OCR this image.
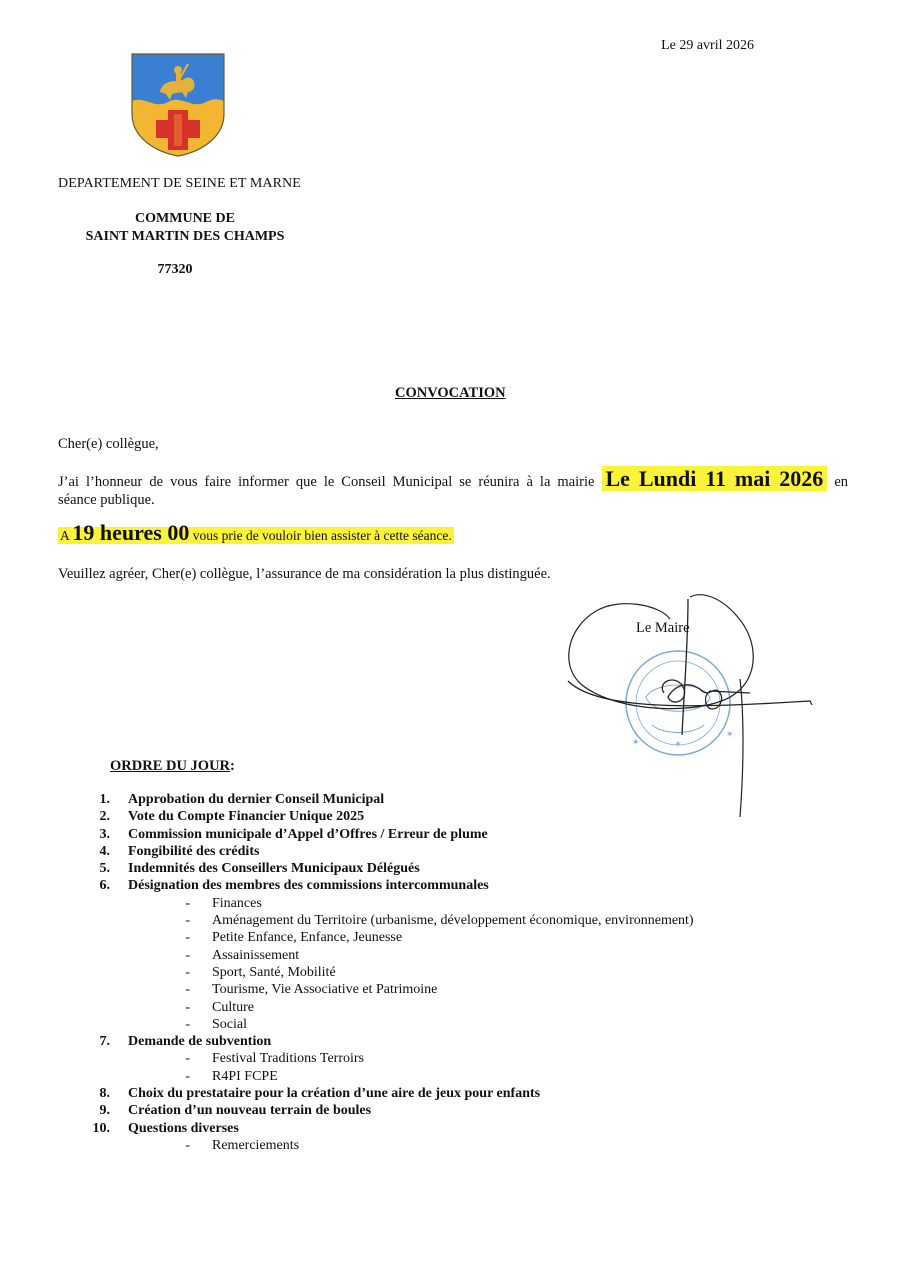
Le 29 avril 2026
DEPARTEMENT DE SEINE ET MARNE
COMMUNE DE
SAINT MARTIN DES CHAMPS
77320
CONVOCATION
Cher(e) collègue,
J’ai l’honneur de vous faire informer que le Conseil Municipal se réunira à la mairie Le Lundi 11 mai 2026 en
séance publique.
A 19 heures 00 vous prie de vouloir bien assister à cette séance.
Veuillez agréer, Cher(e) collègue, l’assurance de ma considération la plus distinguée.
✶
✶
✶
Le Maire
ORDRE DU JOUR:
1.	Approbation du dernier Conseil Municipal
2.	Vote du Compte Financier Unique 2025
3.	Commission municipale d’Appel d’Offres / Erreur de plume
4.	Fongibilité des crédits
5.	Indemnités des Conseillers Municipaux Délégués
6.	Désignation des membres des commissions intercommunales
-	Finances
-	Aménagement du Territoire (urbanisme, développement économique, environnement)
-	Petite Enfance, Enfance, Jeunesse
-	Assainissement
-	Sport, Santé, Mobilité
-	Tourisme, Vie Associative et Patrimoine
-	Culture
-	Social
7.	Demande de subvention
-	Festival Traditions Terroirs
-	R4PI FCPE
8.	Choix du prestataire pour la création d’une aire de jeux pour enfants
9.	Création d’un nouveau terrain de boules
10.	Questions diverses
-	Remerciements
